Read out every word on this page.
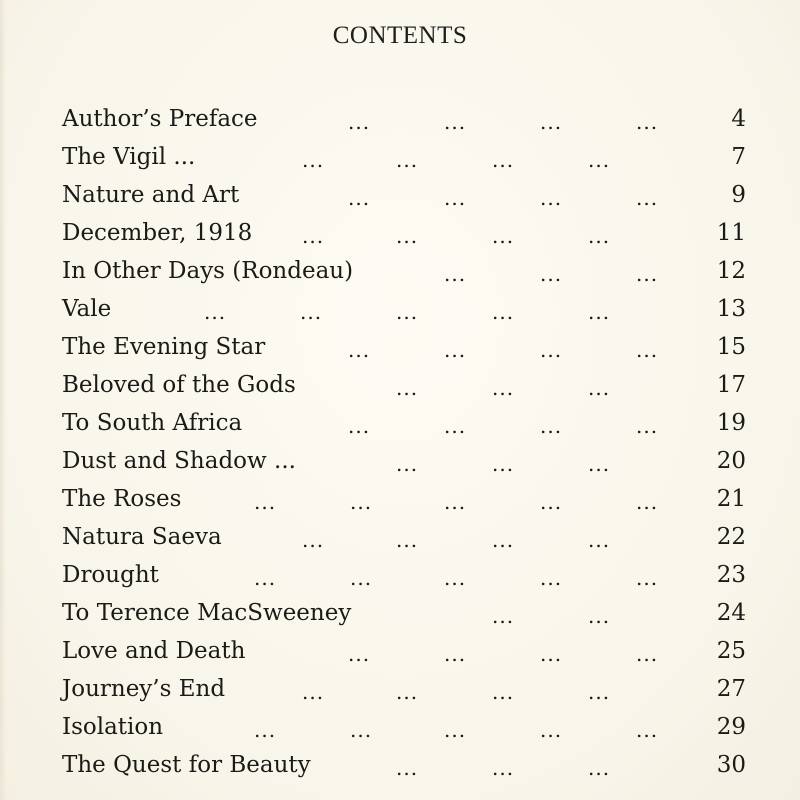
CONTENTS
Author’s Preface	...	...	...	...	4
The Vigil ...	...	...	...	...	7
Nature and Art	...	...	...	...	9
December, 1918 ...	...	...	...	11
In Other Days (Rondeau)	...	...	...	12
Vale	...	...	...	...	...	13
The Evening Star	...	...	...	...	15
Beloved of the Gods	...	...	...	17
To South Africa	...	...	...	...	19
Dust and Shadow ...	...	...	...	20
The Roses	...	...	...	...	...	21
Natura Saeva	...	...	...	...	22
Drought	...	...	...	...	...	23
To Terence MacSweeney	...	...	24
Love and Death	...	...	...	...	25
Journey’s End	...	...	...	...	27
Isolation	...	...	...	...	...	29
The Quest for Beauty	...	...	...	30
